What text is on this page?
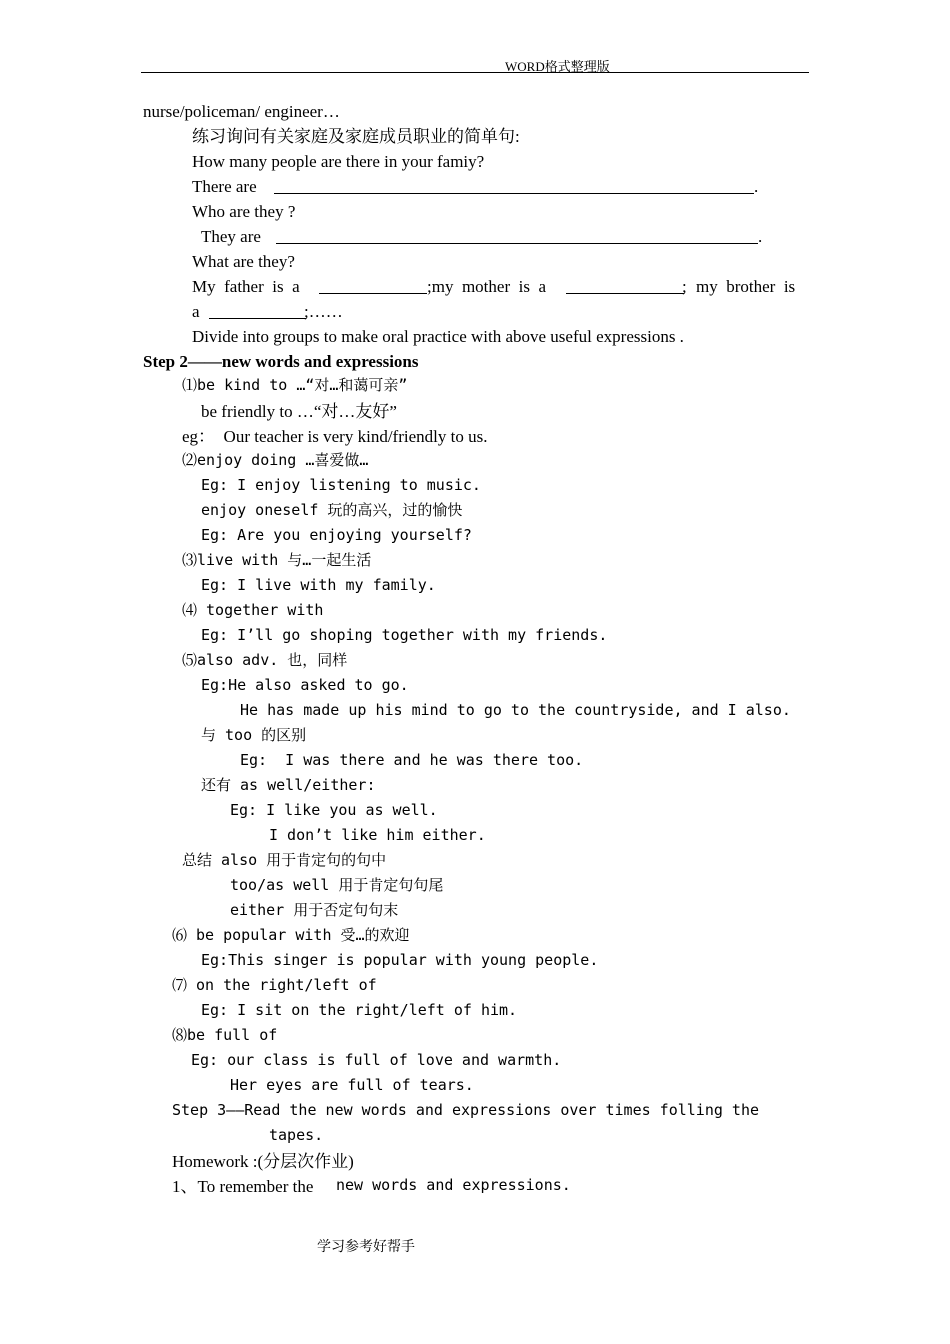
WORD格式整理版
nurse/policeman/ engineer…
练习询问有关家庭及家庭成员职业的简单句:
How many people are there in your famiy?
There are	.
Who are they ?
They are	.
What are they?
My  father  is  a	;my  mother  is  a	; my  brother  is
a	;……
Divide into groups to make oral practice with above useful expressions .
Step 2——new words and expressions
⑴be kind to …“对…和蔼可亲”
be friendly to …“对…友好”
eg：  Our teacher is very kind/friendly to us.
⑵enjoy doing …喜爱做…
Eg: I enjoy listening to music.
enjoy oneself 玩的高兴，过的愉快
Eg: Are you enjoying yourself?
⑶live with 与…一起生活
Eg: I live with my family.
⑷ together with
Eg: I’ll go shoping together with my friends.
⑸also adv. 也，同样
Eg:He also asked to go.
He has made up his mind to go to the countryside, and I also.
与 too 的区别
Eg:  I was there and he was there too.
还有 as well/either:
Eg: I like you as well.
I don’t like him either.
总结 also 用于肯定句的句中
too/as well 用于肯定句句尾
either 用于否定句句末
⑹ be popular with 受…的欢迎
Eg:This singer is popular with young people.
⑺ on the right/left of
Eg: I sit on the right/left of him.
⑻be full of
Eg: our class is full of love and warmth.
Her eyes are full of tears.
Step 3——Read the new words and expressions over times folling the
tapes.
Homework :(分层次作业)
1、To remember the new words and expressions.
学习参考好帮手
